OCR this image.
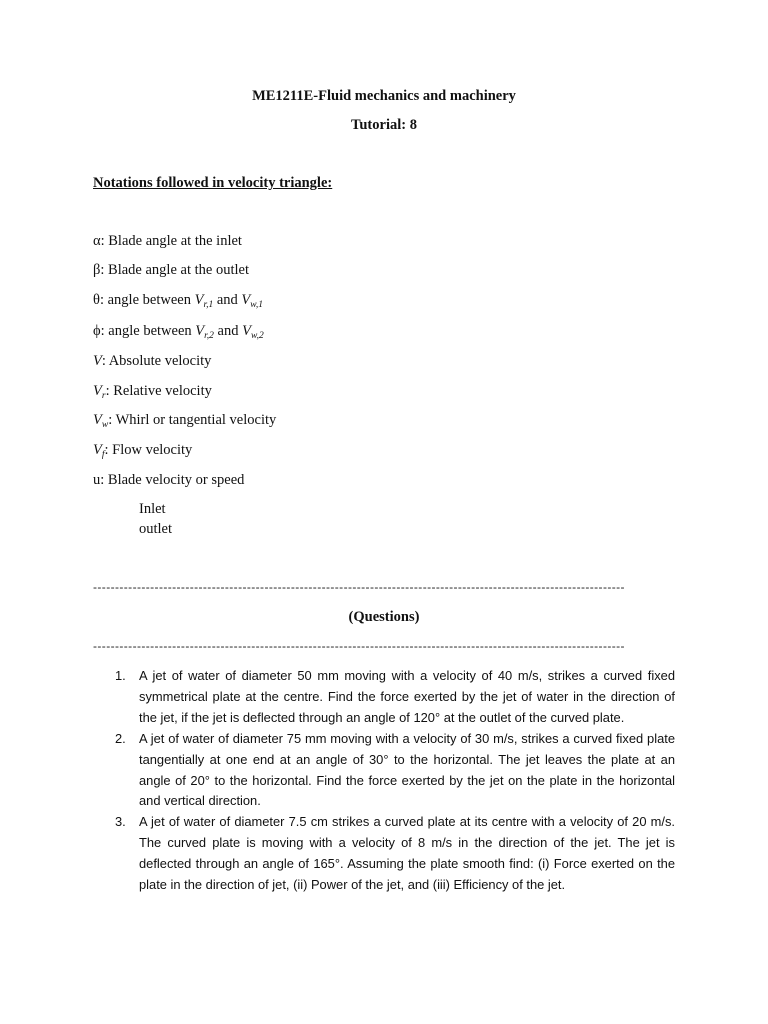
ME1211E-Fluid mechanics and machinery
Tutorial: 8
Notations followed in velocity triangle:
α: Blade angle at the inlet
β: Blade angle at the outlet
θ: angle between $V_{r,1}$ and $V_{w,1}$
ϕ: angle between $V_{r,2}$ and $V_{w,2}$
V: Absolute velocity
$V_r$: Relative velocity
$V_w$: Whirl or tangential velocity
$V_f$: Flow velocity
u: Blade velocity or speed
Inlet
outlet
-------------------------------------------------------------------------------------------------------------------------
(Questions)
-------------------------------------------------------------------------------------------------------------------------
1. A jet of water of diameter 50 mm moving with a velocity of 40 m/s, strikes a curved fixed symmetrical plate at the centre. Find the force exerted by the jet of water in the direction of the jet, if the jet is deflected through an angle of 120° at the outlet of the curved plate.
2. A jet of water of diameter 75 mm moving with a velocity of 30 m/s, strikes a curved fixed plate tangentially at one end at an angle of 30° to the horizontal. The jet leaves the plate at an angle of 20° to the horizontal. Find the force exerted by the jet on the plate in the horizontal and vertical direction.
3. A jet of water of diameter 7.5 cm strikes a curved plate at its centre with a velocity of 20 m/s. The curved plate is moving with a velocity of 8 m/s in the direction of the jet. The jet is deflected through an angle of 165°. Assuming the plate smooth find: (i) Force exerted on the plate in the direction of jet, (ii) Power of the jet, and (iii) Efficiency of the jet.
